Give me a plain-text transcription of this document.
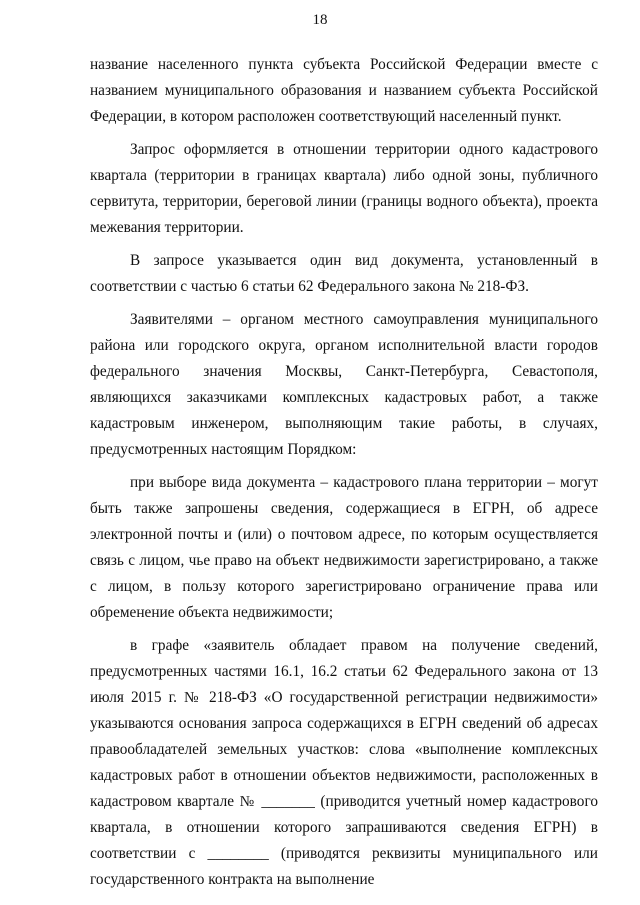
18

название населенного пункта субъекта Российской Федерации вместе с названием муниципального образования и названием субъекта Российской Федерации, в котором расположен соответствующий населенный пункт.

Запрос оформляется в отношении территории одного кадастрового квартала (территории в границах квартала) либо одной зоны, публичного сервитута, территории, береговой линии (границы водного объекта), проекта межевания территории.

В запросе указывается один вид документа, установленный в соответствии с частью 6 статьи 62 Федерального закона № 218-ФЗ.

Заявителями – органом местного самоуправления муниципального района или городского округа, органом исполнительной власти городов федерального значения Москвы, Санкт-Петербурга, Севастополя, являющихся заказчиками комплексных кадастровых работ, а также кадастровым инженером, выполняющим такие работы, в случаях, предусмотренных настоящим Порядком:

при выборе вида документа – кадастрового плана территории – могут быть также запрошены сведения, содержащиеся в ЕГРН, об адресе электронной почты и (или) о почтовом адресе, по которым осуществляется связь с лицом, чье право на объект недвижимости зарегистрировано, а также с лицом, в пользу которого зарегистрировано ограничение права или обременение объекта недвижимости;

в графе «заявитель обладает правом на получение сведений, предусмотренных частями 16.1, 16.2 статьи 62 Федерального закона от 13 июля 2015 г. № 218-ФЗ «О государственной регистрации недвижимости» указываются основания запроса содержащихся в ЕГРН сведений об адресах правообладателей земельных участков: слова «выполнение комплексных кадастровых работ в отношении объектов недвижимости, расположенных в кадастровом квартале № _______ (приводится учетный номер кадастрового квартала, в отношении которого запрашиваются сведения ЕГРН) в соответствии с ________ (приводятся реквизиты муниципального или государственного контракта на выполнение
